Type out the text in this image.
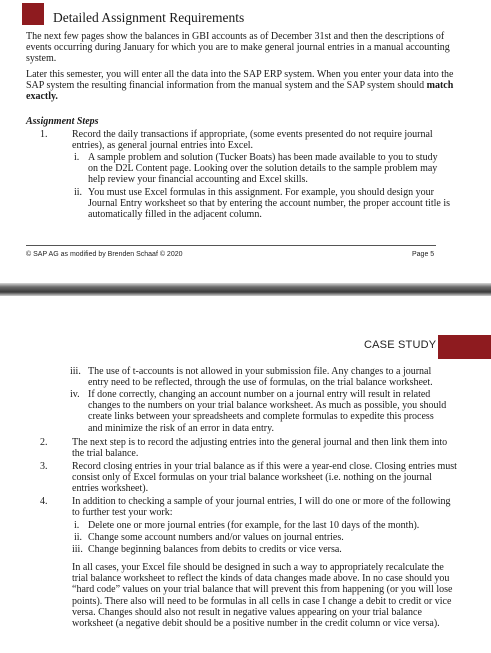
Detailed Assignment Requirements

The next few pages show the balances in GBI accounts as of December 31st and then the descriptions of events occurring during January for which you are to make general journal entries in a manual accounting system.

Later this semester, you will enter all the data into the SAP ERP system. When you enter your data into the SAP system the resulting financial information from the manual system and the SAP system should match exactly.

Assignment Steps
1. Record the daily transactions if appropriate, (some events presented do not require journal entries), as general journal entries into Excel.
i. A sample problem and solution (Tucker Boats) has been made available to you to study on the D2L Content page. Looking over the solution details to the sample problem may help review your financial accounting and Excel skills.
ii. You must use Excel formulas in this assignment. For example, you should design your Journal Entry worksheet so that by entering the account number, the proper account title is automatically filled in the adjacent column.
© SAP AG as modified by Brenden Schaaf © 2020	Page 5
CASE STUDY
iii. The use of t-accounts is not allowed in your submission file. Any changes to a journal entry need to be reflected, through the use of formulas, on the trial balance worksheet.
iv. If done correctly, changing an account number on a journal entry will result in related changes to the numbers on your trial balance worksheet. As much as possible, you should create links between your spreadsheets and complete formulas to expedite this process and minimize the risk of an error in data entry.
2. The next step is to record the adjusting entries into the general journal and then link them into the trial balance.
3. Record closing entries in your trial balance as if this were a year-end close. Closing entries must consist only of Excel formulas on your trial balance worksheet (i.e. nothing on the journal entries worksheet).
4. In addition to checking a sample of your journal entries, I will do one or more of the following to further test your work:
i. Delete one or more journal entries (for example, for the last 10 days of the month).
ii. Change some account numbers and/or values on journal entries.
iii. Change beginning balances from debits to credits or vice versa.
In all cases, your Excel file should be designed in such a way to appropriately recalculate the trial balance worksheet to reflect the kinds of data changes made above. In no case should you “hard code” values on your trial balance that will prevent this from happening (or you will lose points). There also will need to be formulas in all cells in case I change a debit to credit or vice versa. Changes should also not result in negative values appearing on your trial balance worksheet (a negative debit should be a positive number in the credit column or vice versa).
